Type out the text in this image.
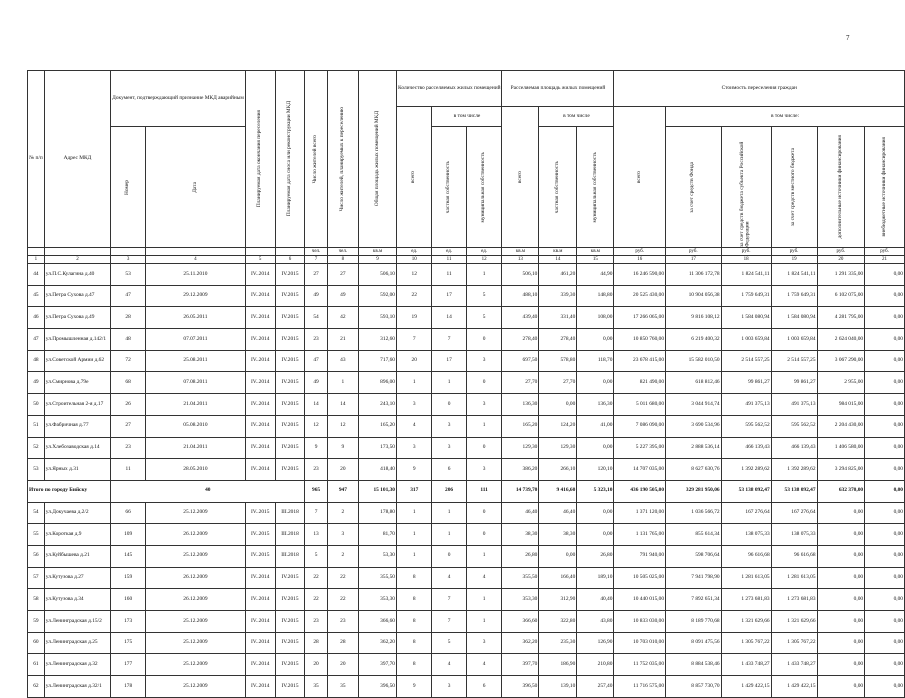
7
№ п/п	Адрес МКД	Документ, подтверждающий признание МКД аварийным		Планируемая дата окончания переселения	Планируемая дата сноса или реконструкции МКД	Число жителей всего	Число жителей, планируемых к переселению	Общая площадь жилых помещений МКД	Количество расселяемых жилых помещений			Расселяемая площадь жилых помещений			Стоимость переселения граждан					

									всего	в том числе		всего	в том числе		всего	в том числе:				

		Номер	Дата							частная собственность	муниципальная собственность		частная собственность	муниципальная собственность		за счет средств Фонда	за счет средств бюджета субъекта Российской Федерации	за счет средств местного бюджета	дополнительные источники финансирования	внебюджетные источники финансирования

						чел.	чел.	кв.м	ед.	ед.	ед.	кв.м	кв.м	кв.м	руб.	руб.	руб.	руб.	руб.	руб.
1	2	3	4	5	6	7	8	9	10	11	12	13	14	15	16	17	18	19	20	21
44	ул.П.С.Кулагина д.40	53	25.11.2010	IV..2014	IV.2015	27	27	506,10	12	11	1	506,10	461,20	44,90	16 246 590,00	11 306 172,78	1 824 541,11	1 824 541,11	1 291 335,00	0,00
45	ул.Петра Сухова д.47	47	29.12.2009	IV..2014	IV.2015	49	49	592,00	22	17	5	488,10	339,30	148,80	20 525 430,00	10 904 056,38	1 759 649,31	1 759 649,31	6 102 075,00	0,00
46	ул.Петра Сухова д.49	28	26.05.2011	IV..2014	IV.2015	54	42	593,10	19	14	5	439,40	331,40	108,00	17 266 065,00	9 816 108,12	1 584 080,94	1 584 080,94	4 281 795,00	0,00
47	ул.Промышленная д.142/1	48	07.07.2011	IV..2014	IV.2015	23	21	312,60	7	7	0	278,40	278,40	0,00	10 850 760,00	6 219 400,32	1 003 659,84	1 003 659,84	2 624 040,00	0,00
48	ул.Советской Армии д.62	72	25.08.2011	IV..2014	IV.2015	47	43	717,60	20	17	3	697,50	578,80	118,70	23 678 415,00	15 582 010,50	2 514 557,25	2 514 557,25	3 067 290,00	0,00
49	ул.Смирнова д.79е	68	07.08.2011	IV..2014	IV.2015	49	1	896,00	1	1	0	27,70	27,70	0,00	821 490,00	618 812,46	99 861,27	99 861,27	2 955,00	0,00
50	ул.Строительная 2-я д.17	26	21.04.2011	IV..2014	IV.2015	14	14	243,10	3	0	3	136,30	0,00	136,30	5 011 680,00	3 044 914,74	491 375,13	491 375,13	984 015,00	0,00
51	ул.Фабричная д.77	27	05.08.2010	IV..2014	IV.2015	12	12	165,20	4	3	1	165,20	124,20	41,00	7 086 090,00	3 690 534,96	595 562,52	595 562,52	2 204 430,00	0,00
52	ул.Хлебозаводская д.14	23	21.04.2011	IV..2014	IV.2015	9	9	173,50	3	3	0	129,30	129,30	0,00	5 227 395,00	2 888 536,14	466 139,43	466 139,43	1 406 580,00	0,00
53	ул.Ярных д.31	11	28.05.2010	IV..2014	IV.2015	23	20	418,40	9	6	3	386,20	266,10	120,10	14 707 035,00	8 627 630,76	1 392 289,62	1 392 289,62	3 294 825,00	0,00
Итого по городу Бийску		40				965	947	15 101,30	317	206	111	14 739,70	9 416,60	5 323,10	436 190 505,00	329 281 950,06	53 138 092,47	53 138 092,47	632 370,00	0,00
54	ул.Докучаева д.2/2	66	25.12.2009	IV..2015	III.2018	7	2	178,80	1	1	0	46,40	46,40	0,00	1 371 120,00	1 036 566,72	167 276,64	167 276,64	0,00	0,00
55	ул.Короткая д.9	109	26.12.2009	IV..2015	III.2018	13	3	81,70	1	1	0	38,30	38,30	0,00	1 131 765,00	855 614,34	138 075,33	138 075,33	0,00	0,00
56	ул.Куйбышева д.21	145	25.12.2009	IV..2015	III.2018	5	2	53,30	1	0	1	26,80	0,00	26,80	791 940,00	598 706,64	96 616,68	96 616,68	0,00	0,00
57	ул.Кутузова д.27	159	26.12.2009	IV..2014	IV.2015	22	22	355,50	8	4	4	355,50	166,40	189,10	10 505 025,00	7 941 798,90	1 281 613,05	1 281 613,05	0,00	0,00
58	ул.Кутузова д.34	160	26.12.2009	IV..2014	IV.2015	22	22	353,30	8	7	1	353,30	312,90	40,40	10 440 015,00	7 892 651,34	1 273 681,83	1 273 681,83	0,00	0,00
59	ул.Ленинградская д.15/2	173	25.12.2009	IV..2014	IV.2015	23	23	366,60	8	7	1	366,60	322,80	43,80	10 833 030,00	8 189 770,68	1 321 629,66	1 321 629,66	0,00	0,00
60	ул.Ленинградская д.25	175	25.12.2009	IV..2014	IV.2015	28	28	362,20	8	5	3	362,20	235,30	126,90	10 703 010,00	8 091 475,56	1 305 767,22	1 305 767,22	0,00	0,00
61	ул.Ленинградская д.32	177	25.12.2009	IV..2014	IV.2015	20	20	397,70	8	4	4	397,70	186,90	210,80	11 752 035,00	8 884 538,46	1 433 748,27	1 433 748,27	0,00	0,00
62	ул.Ленинградская д.32/1	178	25.12.2009	IV..2014	IV.2015	35	35	396,50	9	3	6	396,50	139,10	257,40	11 716 575,00	8 857 730,70	1 429 422,15	1 429 422,15	0,00	0,00
